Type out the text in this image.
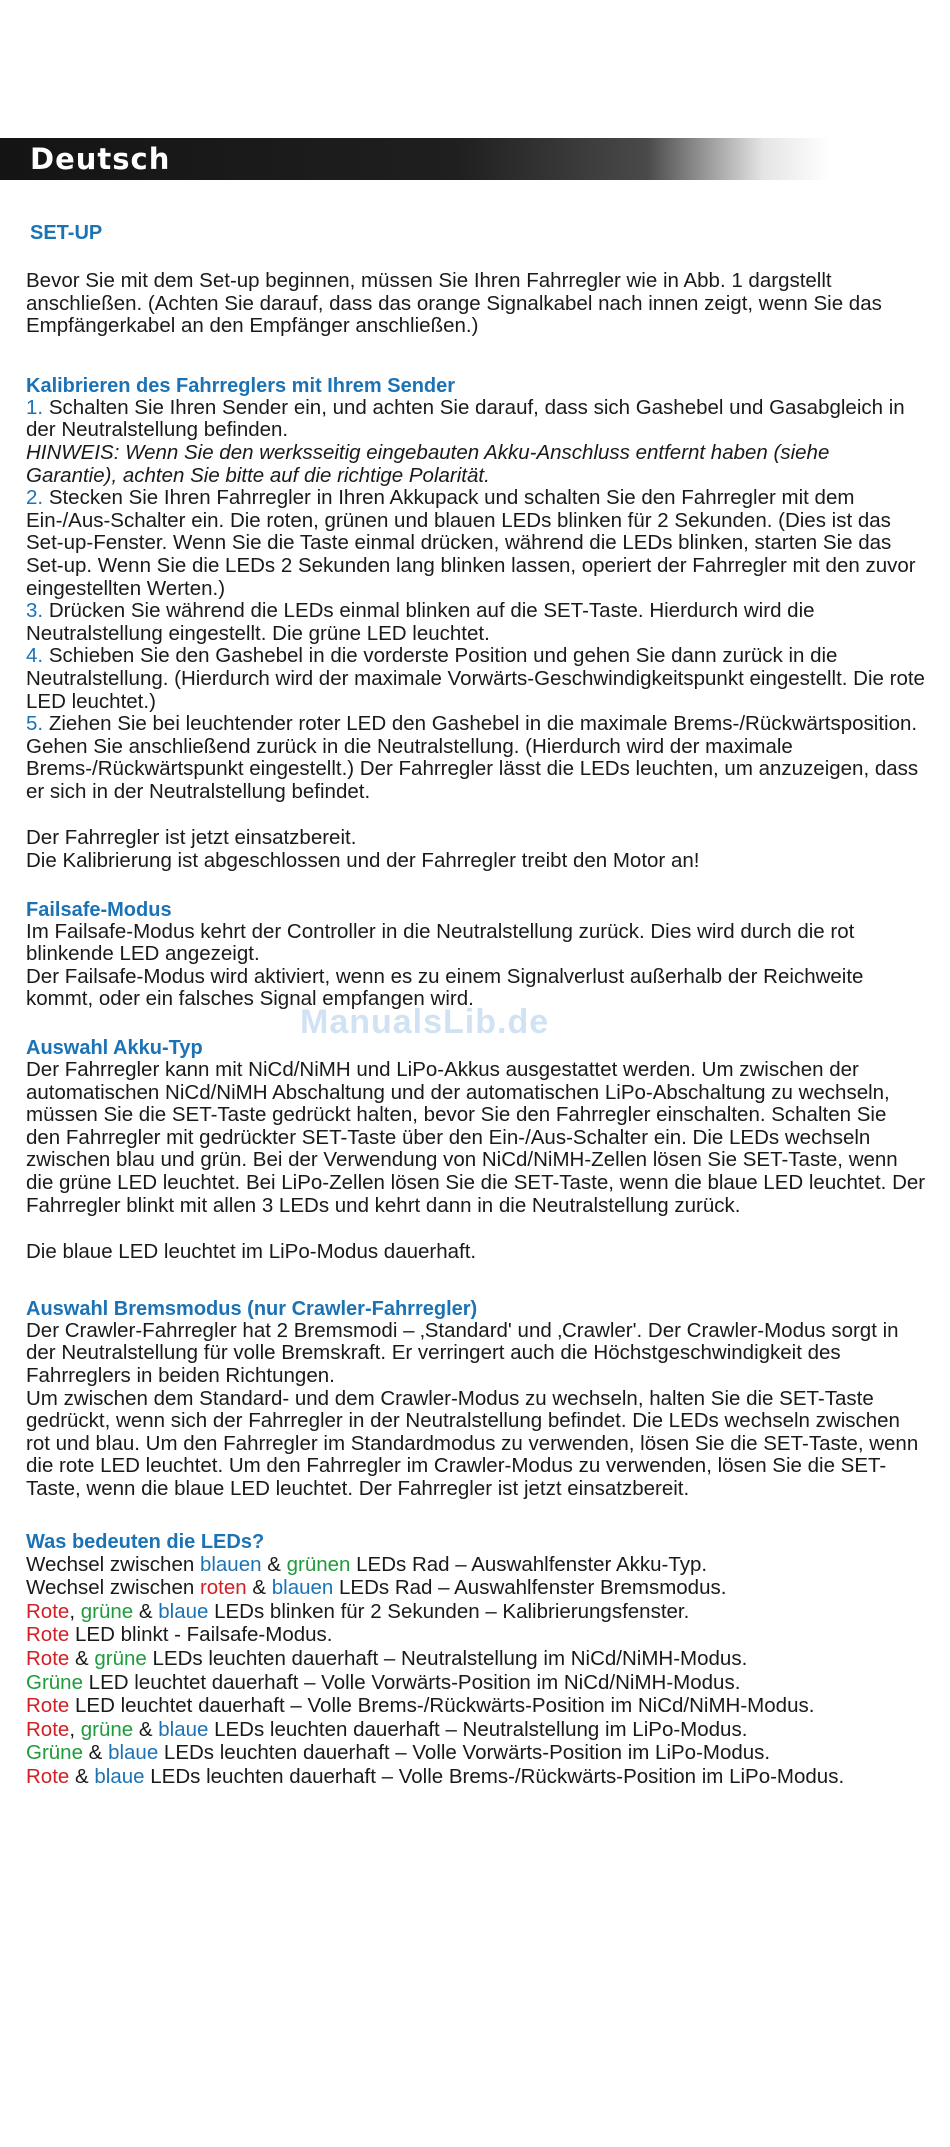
Deutsch
ManualsLib.de
SET-UP

Bevor Sie mit dem Set-up beginnen, müssen Sie Ihren Fahrregler wie in Abb. 1 dargstellt anschließen. (Achten Sie darauf, dass das orange Signalkabel nach innen zeigt, wenn Sie das Empfängerkabel an den Empfänger anschließen.)

Kalibrieren des Fahrreglers mit Ihrem Sender

1. Schalten Sie Ihren Sender ein, und achten Sie darauf, dass sich Gashebel und Gasabgleich in der Neutralstellung befinden.

HINWEIS: Wenn Sie den werksseitig eingebauten Akku-Anschluss entfernt haben (siehe Garantie), achten Sie bitte auf die richtige Polarität.

2. Stecken Sie Ihren Fahrregler in Ihren Akkupack und schalten Sie den Fahrregler mit dem Ein-/Aus-Schalter ein. Die roten, grünen und blauen LEDs blinken für 2 Sekunden. (Dies ist das Set-up-Fenster. Wenn Sie die Taste einmal drücken, während die LEDs blinken, starten Sie das Set-up. Wenn Sie die LEDs 2 Sekunden lang blinken lassen, operiert der Fahrregler mit den zuvor eingestellten Werten.)

3. Drücken Sie während die LEDs einmal blinken auf die SET-Taste. Hierdurch wird die Neutralstellung eingestellt. Die grüne LED leuchtet.

4. Schieben Sie den Gashebel in die vorderste Position und gehen Sie dann zurück in die Neutralstellung. (Hierdurch wird der maximale Vorwärts-Geschwindigkeitspunkt eingestellt. Die rote LED leuchtet.)

5. Ziehen Sie bei leuchtender roter LED den Gashebel in die maximale Brems-/Rückwärtsposition. Gehen Sie anschließend zurück in die Neutralstellung. (Hierdurch wird der maximale Brems-/Rückwärtspunkt eingestellt.) Der Fahrregler lässt die LEDs leuchten, um anzuzeigen, dass er sich in der Neutralstellung befindet.

Der Fahrregler ist jetzt einsatzbereit.

Die Kalibrierung ist abgeschlossen und der Fahrregler treibt den Motor an!

Failsafe-Modus

Im Failsafe-Modus kehrt der Controller in die Neutralstellung zurück. Dies wird durch die rot blinkende LED angezeigt.

Der Failsafe-Modus wird aktiviert, wenn es zu einem Signalverlust außerhalb der Reichweite kommt, oder ein falsches Signal empfangen wird.

Auswahl Akku-Typ

Der Fahrregler kann mit NiCd/NiMH und LiPo-Akkus ausgestattet werden. Um zwischen der automatischen NiCd/NiMH Abschaltung und der automatischen LiPo-Abschaltung zu wechseln, müssen Sie die SET-Taste gedrückt halten, bevor Sie den Fahrregler einschalten. Schalten Sie den Fahrregler mit gedrückter SET-Taste über den Ein-/Aus-Schalter ein. Die LEDs wechseln zwischen blau und grün. Bei der Verwendung von NiCd/NiMH-Zellen lösen Sie SET-Taste, wenn die grüne LED leuchtet. Bei LiPo-Zellen lösen Sie die SET-Taste, wenn die blaue LED leuchtet. Der Fahrregler blinkt mit allen 3 LEDs und kehrt dann in die Neutralstellung zurück.

Die blaue LED leuchtet im LiPo-Modus dauerhaft.

Auswahl Bremsmodus (nur Crawler-Fahrregler)

Der Crawler-Fahrregler hat 2 Bremsmodi – ‚Standard' und ‚Crawler'. Der Crawler-Modus sorgt in der Neutralstellung für volle Bremskraft. Er verringert auch die Höchstgeschwindigkeit des Fahrreglers in beiden Richtungen.

Um zwischen dem Standard- und dem Crawler-Modus zu wechseln, halten Sie die SET-Taste gedrückt, wenn sich der Fahrregler in der Neutralstellung befindet. Die LEDs wechseln zwischen rot und blau. Um den Fahrregler im Standardmodus zu verwenden, lösen Sie die SET-Taste, wenn die rote LED leuchtet. Um den Fahrregler im Crawler-Modus zu verwenden, lösen Sie die SET-Taste, wenn die blaue LED leuchtet. Der Fahrregler ist jetzt einsatzbereit.

Was bedeuten die LEDs?

Wechsel zwischen blauen & grünen LEDs Rad – Auswahlfenster Akku-Typ.

Wechsel zwischen roten & blauen LEDs Rad – Auswahlfenster Bremsmodus.

Rote, grüne & blaue LEDs blinken für 2 Sekunden – Kalibrierungsfenster.

Rote LED blinkt - Failsafe-Modus.

Rote & grüne LEDs leuchten dauerhaft – Neutralstellung im NiCd/NiMH-Modus.

Grüne LED leuchtet dauerhaft – Volle Vorwärts-Position im NiCd/NiMH-Modus.

Rote LED leuchtet dauerhaft – Volle Brems-/Rückwärts-Position im NiCd/NiMH-Modus.

Rote, grüne & blaue LEDs leuchten dauerhaft – Neutralstellung im LiPo-Modus.

Grüne & blaue LEDs leuchten dauerhaft – Volle Vorwärts-Position im LiPo-Modus.

Rote & blaue LEDs leuchten dauerhaft – Volle Brems-/Rückwärts-Position im LiPo-Modus.
